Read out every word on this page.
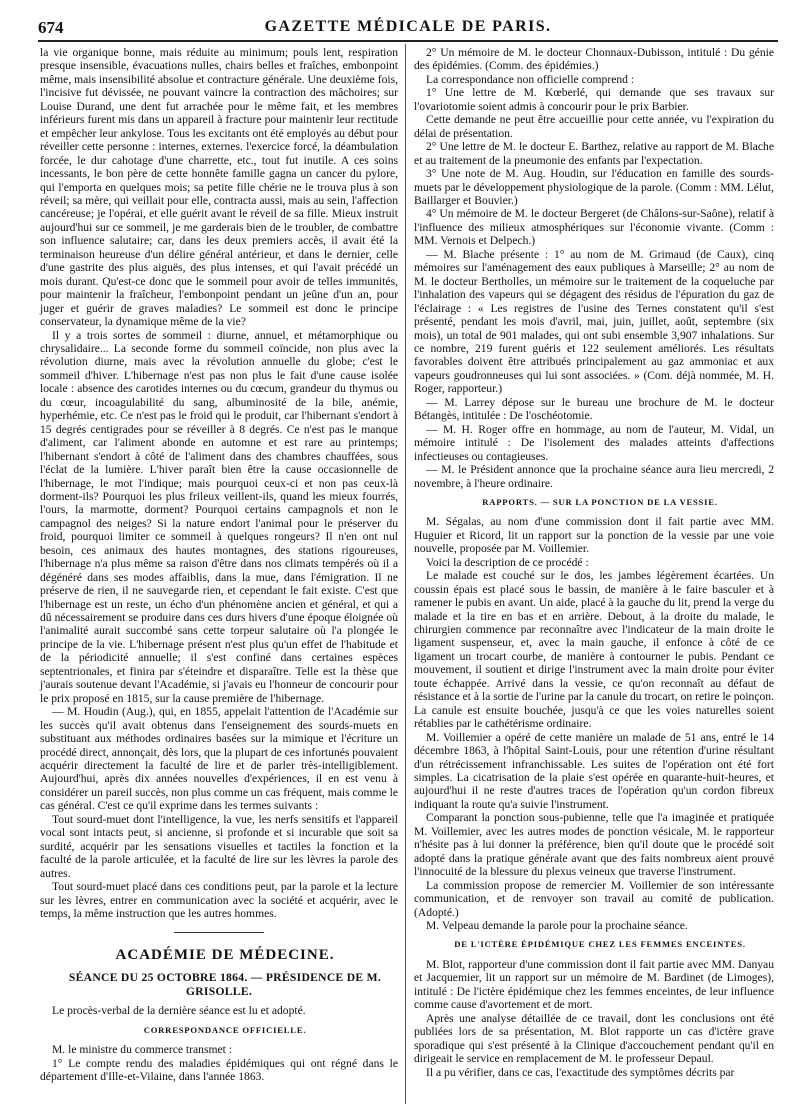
674	GAZETTE MÉDICALE DE PARIS.

la vie organique bonne, mais réduite au minimum; pouls lent, respiration presque insensible, évacuations nulles, chairs belles et fraîches, embonpoint même, mais insensibilité absolue et contracture générale. Une deuxième fois, l'incisive fut dévissée, ne pouvant vaincre la contraction des mâchoires; sur Louise Durand, une dent fut arrachée pour le même fait, et les membres inférieurs furent mis dans un appareil à fracture pour maintenir leur rectitude et empêcher leur ankylose. Tous les excitants ont été employés au début pour réveiller cette personne : internes, externes. l'exercice forcé, la déambulation forcée, le dur cahotage d'une charrette, etc., tout fut inutile. A ces soins incessants, le bon père de cette honnête famille gagna un cancer du pylore, qui l'emporta en quelques mois; sa petite fille chérie ne le trouva plus à son réveil; sa mère, qui veillait pour elle, contracta aussi, mais au sein, l'affection cancéreuse; je l'opérai, et elle guérit avant le réveil de sa fille. Mieux instruit aujourd'hui sur ce sommeil, je me garderais bien de le troubler, de combattre son influence salutaire; car, dans les deux premiers accès, il avait été la terminaison heureuse d'un délire général antérieur, et dans le dernier, celle d'une gastrite des plus aiguës, des plus intenses, et qui l'avait précédé un mois durant. Qu'est-ce donc que le sommeil pour avoir de telles immunités, pour maintenir la fraîcheur, l'embonpoint pendant un jeûne d'un an, pour juger et guérir de graves maladies? Le sommeil est donc le principe conservateur, la dynamique même de la vie?

Il y a trois sortes de sommeil : diurne, annuel, et métamorphique ou chrysalidaire... La seconde forme du sommeil coïncide, non plus avec la révolution diurne, mais avec la révolution annuelle du globe; c'est le sommeil d'hiver. L'hibernage n'est pas non plus le fait d'une cause isolée locale : absence des carotides internes ou du cœcum, grandeur du thymus ou du cœur, incoagulabilité du sang, albuminosité de la bile, anémie, hyperhémie, etc. Ce n'est pas le froid qui le produit, car l'hibernant s'endort à 15 degrés centigrades pour se réveiller à 8 degrés. Ce n'est pas le manque d'aliment, car l'aliment abonde en automne et est rare au printemps; l'hibernant s'endort à côté de l'aliment dans des chambres chauffées, sous l'éclat de la lumière. L'hiver paraît bien être la cause occasionnelle de l'hibernage, le mot l'indique; mais pourquoi ceux-ci et non pas ceux-là dorment-ils? Pourquoi les plus frileux veillent-ils, quand les mieux fourrés, l'ours, la marmotte, dorment? Pourquoi certains campagnols et non le campagnol des neiges? Si la nature endort l'animal pour le préserver du froid, pourquoi limiter ce sommeil à quelques rongeurs? Il n'en ont nul besoin, ces animaux des hautes montagnes, des stations rigoureuses, l'hibernage n'a plus même sa raison d'être dans nos climats tempérés où il a dégénéré dans ses modes affaiblis, dans la mue, dans l'émigration. Il ne préserve de rien, il ne sauvegarde rien, et cependant le fait existe. C'est que l'hibernage est un reste, un écho d'un phénomène ancien et général, et qui a dû nécessairement se produire dans ces durs hivers d'une époque éloignée où l'animalité aurait succombé sans cette torpeur salutaire où l'a plongée le principe de la vie. L'hibernage présent n'est plus qu'un effet de l'habitude et de la périodicité annuelle; il s'est confiné dans certaines espèces septentrionales, et finira par s'éteindre et disparaître. Telle est la thèse que j'aurais soutenue devant l'Académie, si j'avais eu l'honneur de concourir pour le prix proposé en 1815, sur la cause première de l'hibernage.

— M. Houdin (Aug.), qui, en 1855, appelait l'attention de l'Académie sur les succès qu'il avait obtenus dans l'enseignement des sourds-muets en substituant aux méthodes ordinaires basées sur la mimique et l'écriture un procédé direct, annonçait, dès lors, que la plupart de ces infortunés pouvaient acquérir directement la faculté de lire et de parler très-intelligiblement. Aujourd'hui, après dix années nouvelles d'expériences, il en est venu à considérer un pareil succès, non plus comme un cas fréquent, mais comme le cas général. C'est ce qu'il exprime dans les termes suivants :

Tout sourd-muet dont l'intelligence, la vue, les nerfs sensitifs et l'appareil vocal sont intacts peut, si ancienne, si profonde et si incurable que soit sa surdité, acquérir par les sensations visuelles et tactiles la fonction et la faculté de la parole articulée, et la faculté de lire sur les lèvres la parole des autres.

Tout sourd-muet placé dans ces conditions peut, par la parole et la lecture sur les lèvres, entrer en communication avec la société et acquérir, avec le temps, la même instruction que les autres hommes.

ACADÉMIE DE MÉDECINE.

SÉANCE DU 25 OCTOBRE 1864. — PRÉSIDENCE DE M. GRISOLLE.

Le procès-verbal de la dernière séance est lu et adopté.

CORRESPONDANCE OFFICIELLE.

M. le ministre du commerce transmet :

1° Le compte rendu des maladies épidémiques qui ont régné dans le département d'Ille-et-Vilaine, dans l'année 1863.

2° Un mémoire de M. le docteur Chonnaux-Dubisson, intitulé : Du génie des épidémies. (Comm. des épidémies.)

La correspondance non officielle comprend :

1° Une lettre de M. Kœberlé, qui demande que ses travaux sur l'ovariotomie soient admis à concourir pour le prix Barbier.

Cette demande ne peut être accueillie pour cette année, vu l'expiration du délai de présentation.

2° Une lettre de M. le docteur E. Barthez, relative au rapport de M. Blache et au traitement de la pneumonie des enfants par l'expectation.

3° Une note de M. Aug. Houdin, sur l'éducation en famille des sourds-muets par le développement physiologique de la parole. (Comm : MM. Lélut, Baillarger et Bouvier.)

4° Un mémoire de M. le docteur Bergeret (de Châlons-sur-Saône), relatif à l'influence des milieux atmosphériques sur l'économie vivante. (Comm : MM. Vernois et Delpech.)

— M. Blache présente : 1° au nom de M. Grimaud (de Caux), cinq mémoires sur l'aménagement des eaux publiques à Marseille; 2° au nom de M. le docteur Bertholles, un mémoire sur le traitement de la coqueluche par l'inhalation des vapeurs qui se dégagent des résidus de l'épuration du gaz de l'éclairage : « Les registres de l'usine des Ternes constatent qu'il s'est présenté, pendant les mois d'avril, mai, juin, juillet, août, septembre (six mois), un total de 901 malades, qui ont subi ensemble 3,907 inhalations. Sur ce nombre, 219 furent guéris et 122 seulement améliorés. Les résultats favorables doivent être attribués principalement au gaz ammoniac et aux vapeurs goudronneuses qui lui sont associées. » (Com. déjà nommée, M. H. Roger, rapporteur.)

— M. Larrey dépose sur le bureau une brochure de M. le docteur Bétangès, intitulée : De l'oschéotomie.

— M. H. Roger offre en hommage, au nom de l'auteur, M. Vidal, un mémoire intitulé : De l'isolement des malades atteints d'affections infectieuses ou contagieuses.

— M. le Président annonce que la prochaine séance aura lieu mercredi, 2 novembre, à l'heure ordinaire.

RAPPORTS. — SUR LA PONCTION DE LA VESSIE.

M. Ségalas, au nom d'une commission dont il fait partie avec MM. Huguier et Ricord, lit un rapport sur la ponction de la vessie par une voie nouvelle, proposée par M. Voillemier.

Voici la description de ce procédé :

Le malade est couché sur le dos, les jambes légèrement écartées. Un coussin épais est placé sous le bassin, de manière à le faire basculer et à ramener le pubis en avant. Un aide, placé à la gauche du lit, prend la verge du malade et la tire en bas et en arrière. Debout, à la droite du malade, le chirurgien commence par reconnaître avec l'indicateur de la main droite le ligament suspenseur, et, avec la main gauche, il enfonce à côté de ce ligament un trocart courbe, de manière à contourner le pubis. Pendant ce mouvement, il soutient et dirige l'instrument avec la main droite pour éviter toute échappée. Arrivé dans la vessie, ce qu'on reconnaît au défaut de résistance et à la sortie de l'urine par la canule du trocart, on retire le poinçon. La canule est ensuite bouchée, jusqu'à ce que les voies naturelles soient rétablies par le cathétérisme ordinaire.

M. Voillemier a opéré de cette manière un malade de 51 ans, entré le 14 décembre 1863, à l'hôpital Saint-Louis, pour une rétention d'urine résultant d'un rétrécissement infranchissable. Les suites de l'opération ont été fort simples. La cicatrisation de la plaie s'est opérée en quarante-huit-heures, et aujourd'hui il ne reste d'autres traces de l'opération qu'un cordon fibreux indiquant la route qu'a suivie l'instrument.

Comparant la ponction sous-pubienne, telle que l'a imaginée et pratiquée M. Voillemier, avec les autres modes de ponction vésicale, M. le rapporteur n'hésite pas à lui donner la préférence, bien qu'il doute que le procédé soit adopté dans la pratique générale avant que des faits nombreux aient prouvé l'innocuité de la blessure du plexus veineux que traverse l'instrument.

La commission propose de remercier M. Voillemier de son intéressante communication, et de renvoyer son travail au comité de publication. (Adopté.)

M. Velpeau demande la parole pour la prochaine séance.

DE L'ICTÈRE ÉPIDÉMIQUE CHEZ LES FEMMES ENCEINTES.

M. Blot, rapporteur d'une commission dont il fait partie avec MM. Danyau et Jacquemier, lit un rapport sur un mémoire de M. Bardinet (de Limoges), intitulé : De l'ictère épidémique chez les femmes enceintes, de leur influence comme cause d'avortement et de mort.

Après une analyse détaillée de ce travail, dont les conclusions ont été publiées lors de sa présentation, M. Blot rapporte un cas d'ictère grave sporadique qui s'est présenté à la Clinique d'accouchement pendant qu'il en dirigeait le service en remplacement de M. le professeur Depaul.

Il a pu vérifier, dans ce cas, l'exactitude des symptômes décrits par
